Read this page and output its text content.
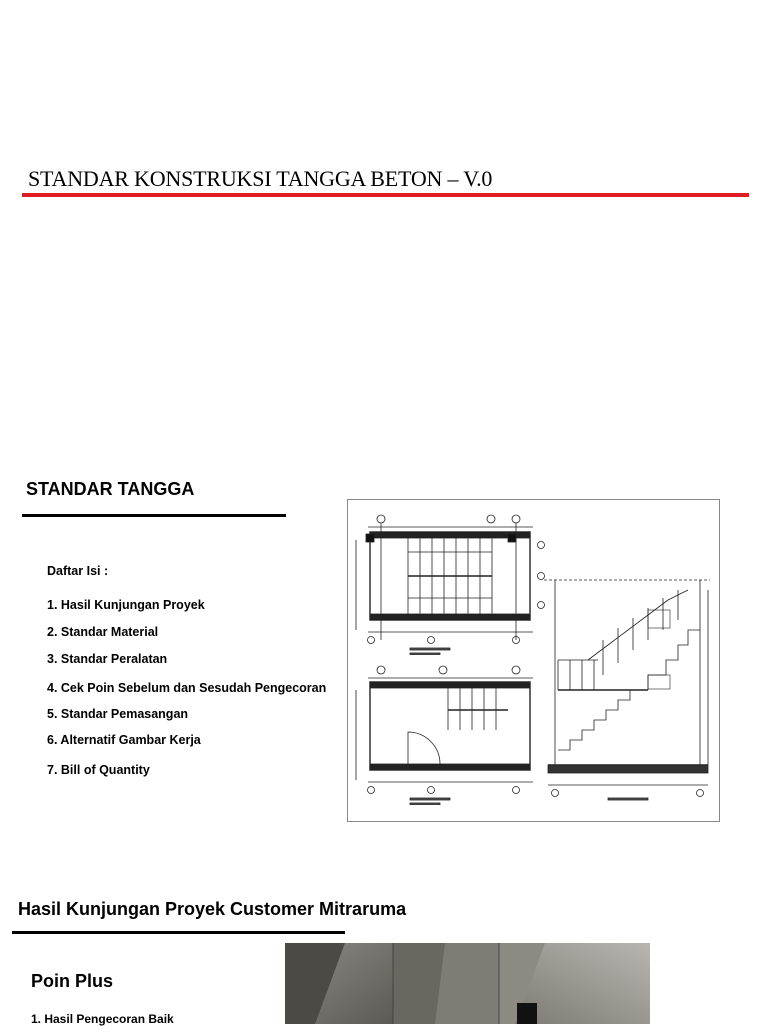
STANDAR KONSTRUKSI TANGGA BETON – V.0
STANDAR TANGGA
Daftar Isi :
1. Hasil Kunjungan Proyek
2. Standar Material
3. Standar Peralatan
4. Cek Poin Sebelum dan Sesudah Pengecoran
5. Standar Pemasangan
6. Alternatif Gambar Kerja
7. Bill of Quantity
Hasil Kunjungan Proyek Customer Mitraruma
Poin Plus
1. Hasil Pengecoran Baik
